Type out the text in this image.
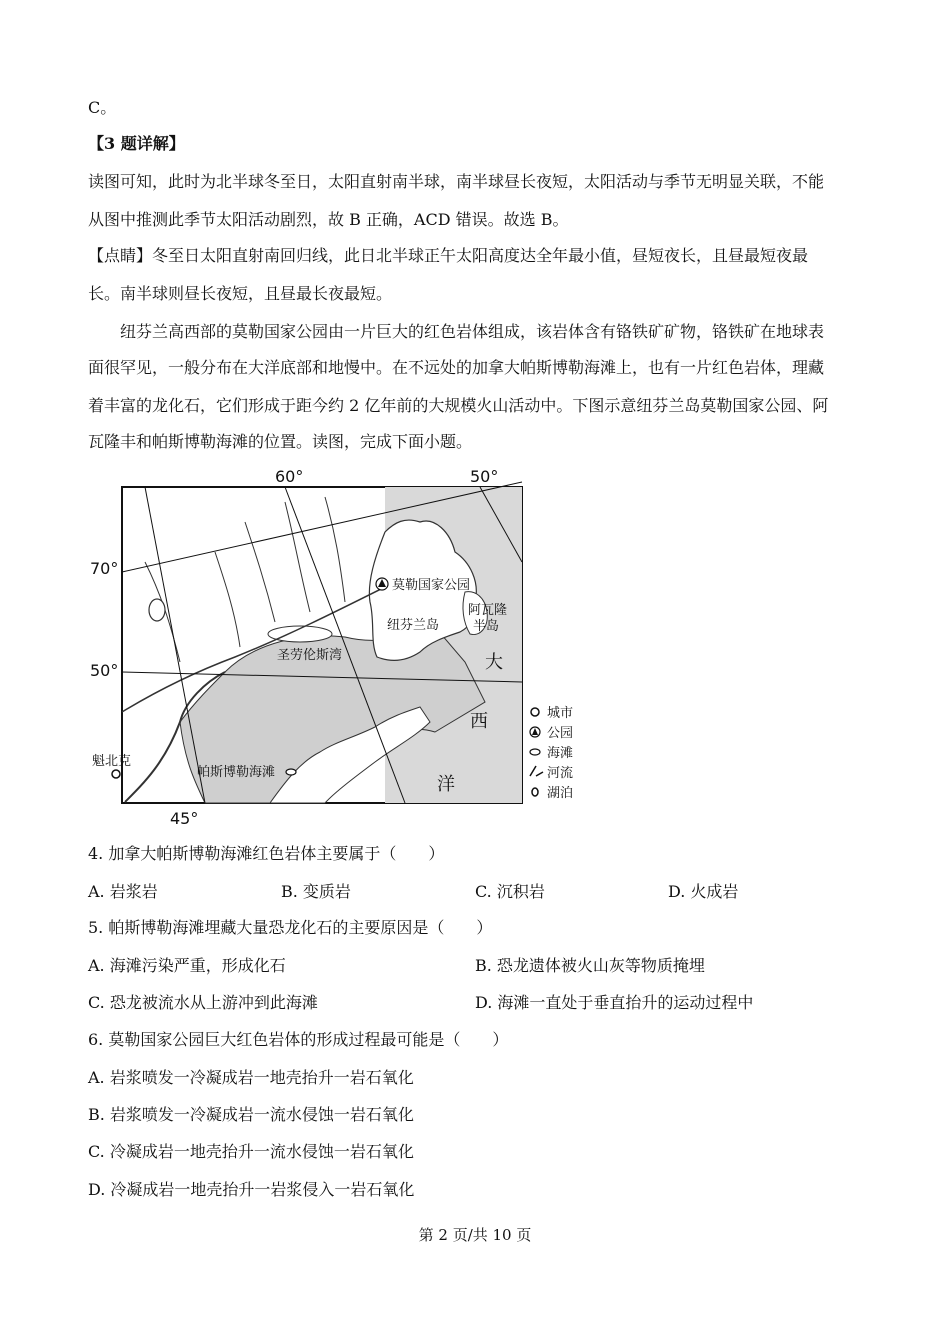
C。
【3 题详解】
读图可知，此时为北半球冬至日，太阳直射南半球，南半球昼长夜短，太阳活动与季节无明显关联，不能
从图中推测此季节太阳活动剧烈，故 B 正确，ACD 错误。故选 B。
【点睛】冬至日太阳直射南回归线，此日北半球正午太阳高度达全年最小值，昼短夜长，且昼最短夜最
长。南半球则昼长夜短，且昼最长夜最短。
纽芬兰高西部的莫勒国家公园由一片巨大的红色岩体组成，该岩体含有铬铁矿矿物，铬铁矿在地球表
面很罕见，一般分布在大洋底部和地慢中。在不远处的加拿大帕斯博勒海滩上，也有一片红色岩体，理藏
着丰富的龙化石，它们形成于距今约 2 亿年前的大规模火山活动中。下图示意纽芬兰岛莫勒国家公园、阿
瓦隆丰和帕斯博勒海滩的位置。读图，完成下面小题。
60°	50°
45°
70°
50°
莫勒国家公园
阿瓦隆
半岛
纽芬兰岛
圣劳伦斯湾	大
西
洋
魁北克
帕斯博勒海滩
城市
公园
海滩
河流
湖泊
4. 加拿大帕斯博勒海滩红色岩体主要属于（　　）
A. 岩浆岩	B. 变质岩	C. 沉积岩	D. 火成岩
5. 帕斯博勒海滩埋藏大量恐龙化石的主要原因是（　　）
A. 海滩污染严重，形成化石	B. 恐龙遗体被火山灰等物质掩埋
C. 恐龙被流水从上游冲到此海滩	D. 海滩一直处于垂直抬升的运动过程中
6. 莫勒国家公园巨大红色岩体的形成过程最可能是（　　）
A. 岩浆喷发一冷凝成岩一地壳抬升一岩石氧化
B. 岩浆喷发一冷凝成岩一流水侵蚀一岩石氧化
C. 冷凝成岩一地壳抬升一流水侵蚀一岩石氧化
D. 冷凝成岩一地壳抬升一岩浆侵入一岩石氧化
第 2 页/共 10 页
